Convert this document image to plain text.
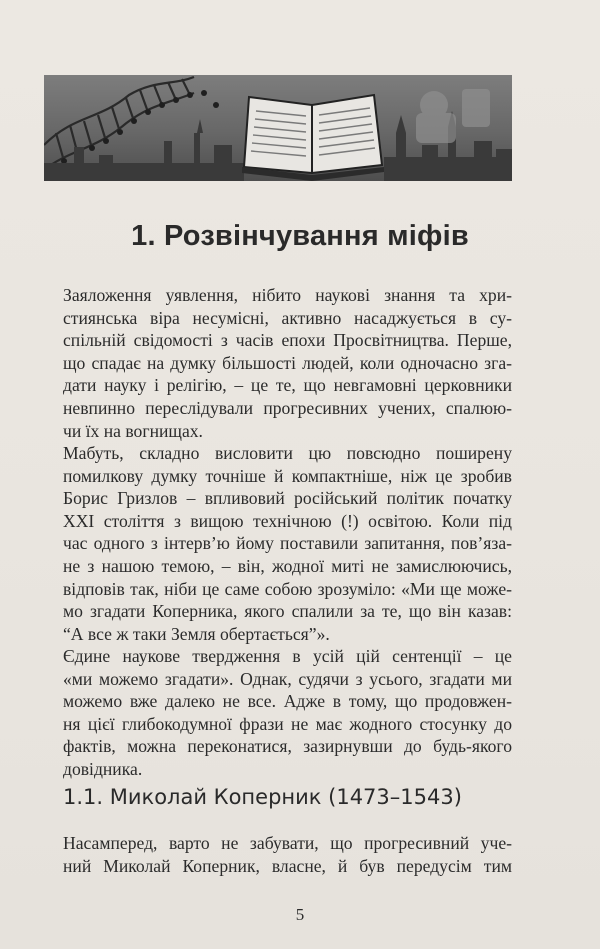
1. Розвінчування міфів
Заяложення уявлення, нібито наукові знання та хри-
стиянська віра несумісні, активно насаджується в су-
спільній свідомості з часів епохи Просвітництва. Перше,
що спадає на думку більшості людей, коли одночасно зга-
дати науку і релігію, – це те, що невгамовні церковники
невпинно переслідували прогресивних учених, спалюю-
чи їх на вогнищах.
Мабуть, складно висловити цю повсюдно поширену
помилкову думку точніше й компактніше, ніж це зробив
Борис Гризлов – впливовий російський політик початку
XXI століття з вищою технічною (!) освітою. Коли під
час одного з інтерв’ю йому поставили запитання, пов’яза-
не з нашою темою, – він, жодної миті не замислюючись,
відповів так, ніби це саме собою зрозуміло: «Ми ще може-
мо згадати Коперника, якого спалили за те, що він казав:
“А все ж таки Земля обертається”».
Єдине наукове твердження в усій цій сентенції – це
«ми можемо згадати». Однак, судячи з усього, згадати ми
можемо вже далеко не все. Адже в тому, що продовжен-
ня цієї глибокодумної фрази не має жодного стосунку до
фактів, можна переконатися, зазирнувши до будь-якого
довідника.
1.1. Миколай Коперник (1473–1543)
Насамперед, варто не забувати, що прогресивний уче-
ний Миколай Коперник, власне, й був передусім тим
5
